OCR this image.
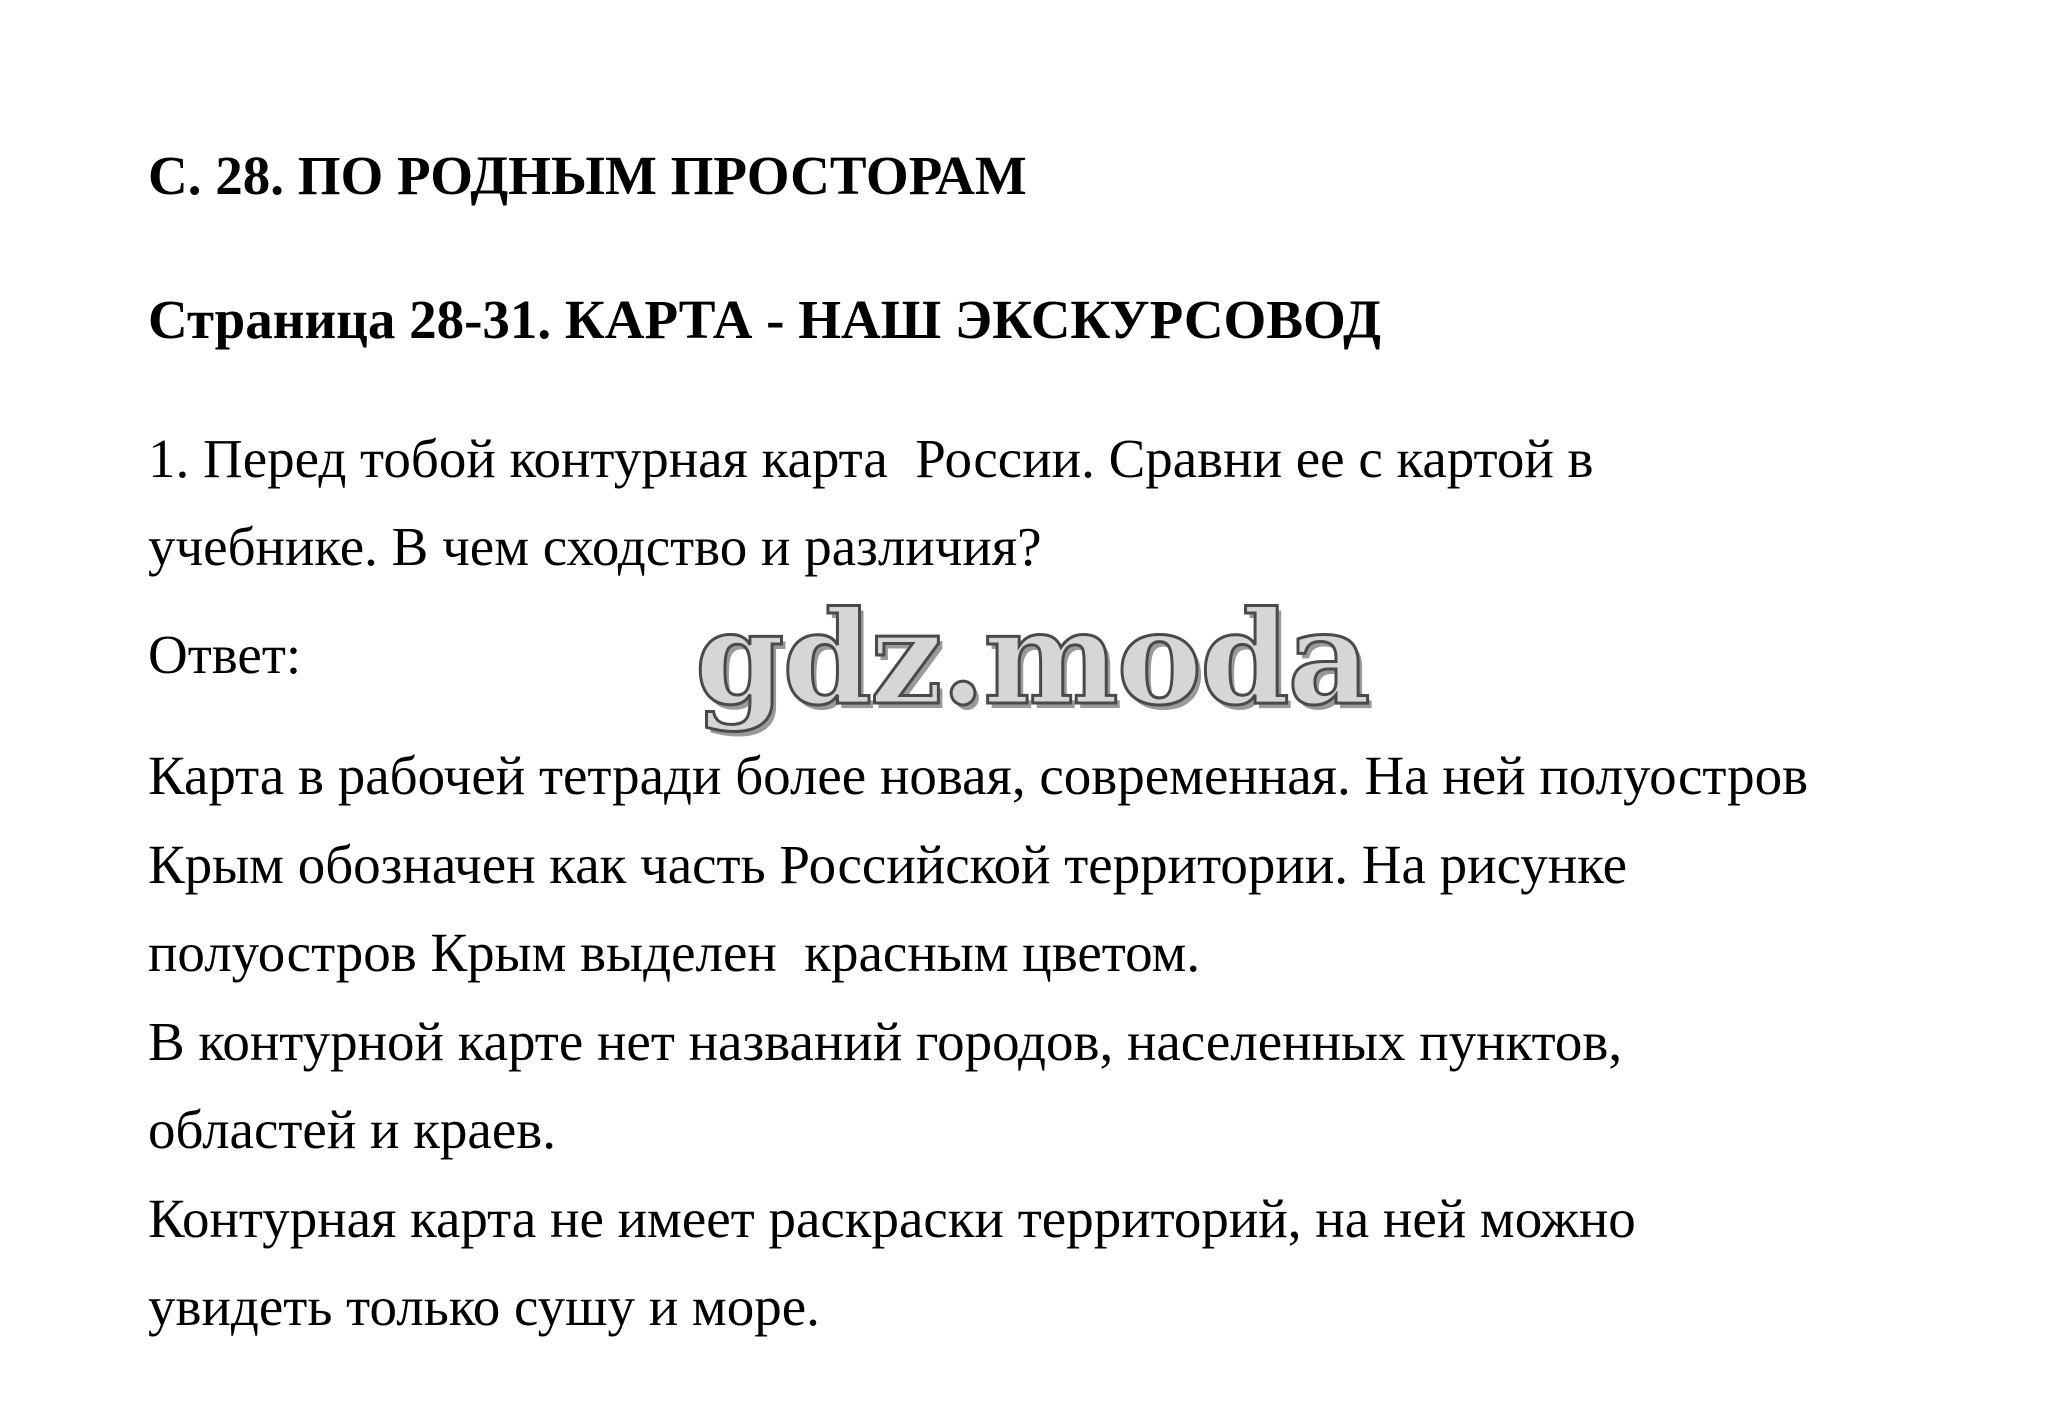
С. 28. ПО РОДНЫМ ПРОСТОРАМ
Страница 28-31. КАРТА - НАШ ЭКСКУРСОВОД

1. Перед тобой контурная карта  России. Сравни ее с картой в
учебнике. В чем сходство и различия?

Ответ:	gdz.moda

Карта в рабочей тетради более новая, современная. На ней полуостров
Крым обозначен как часть Российской территории. На рисунке
полуостров Крым выделен  красным цветом.
В контурной карте нет названий городов, населенных пунктов,
областей и краев.
Контурная карта не имеет раскраски территорий, на ней можно
увидеть только сушу и море.
